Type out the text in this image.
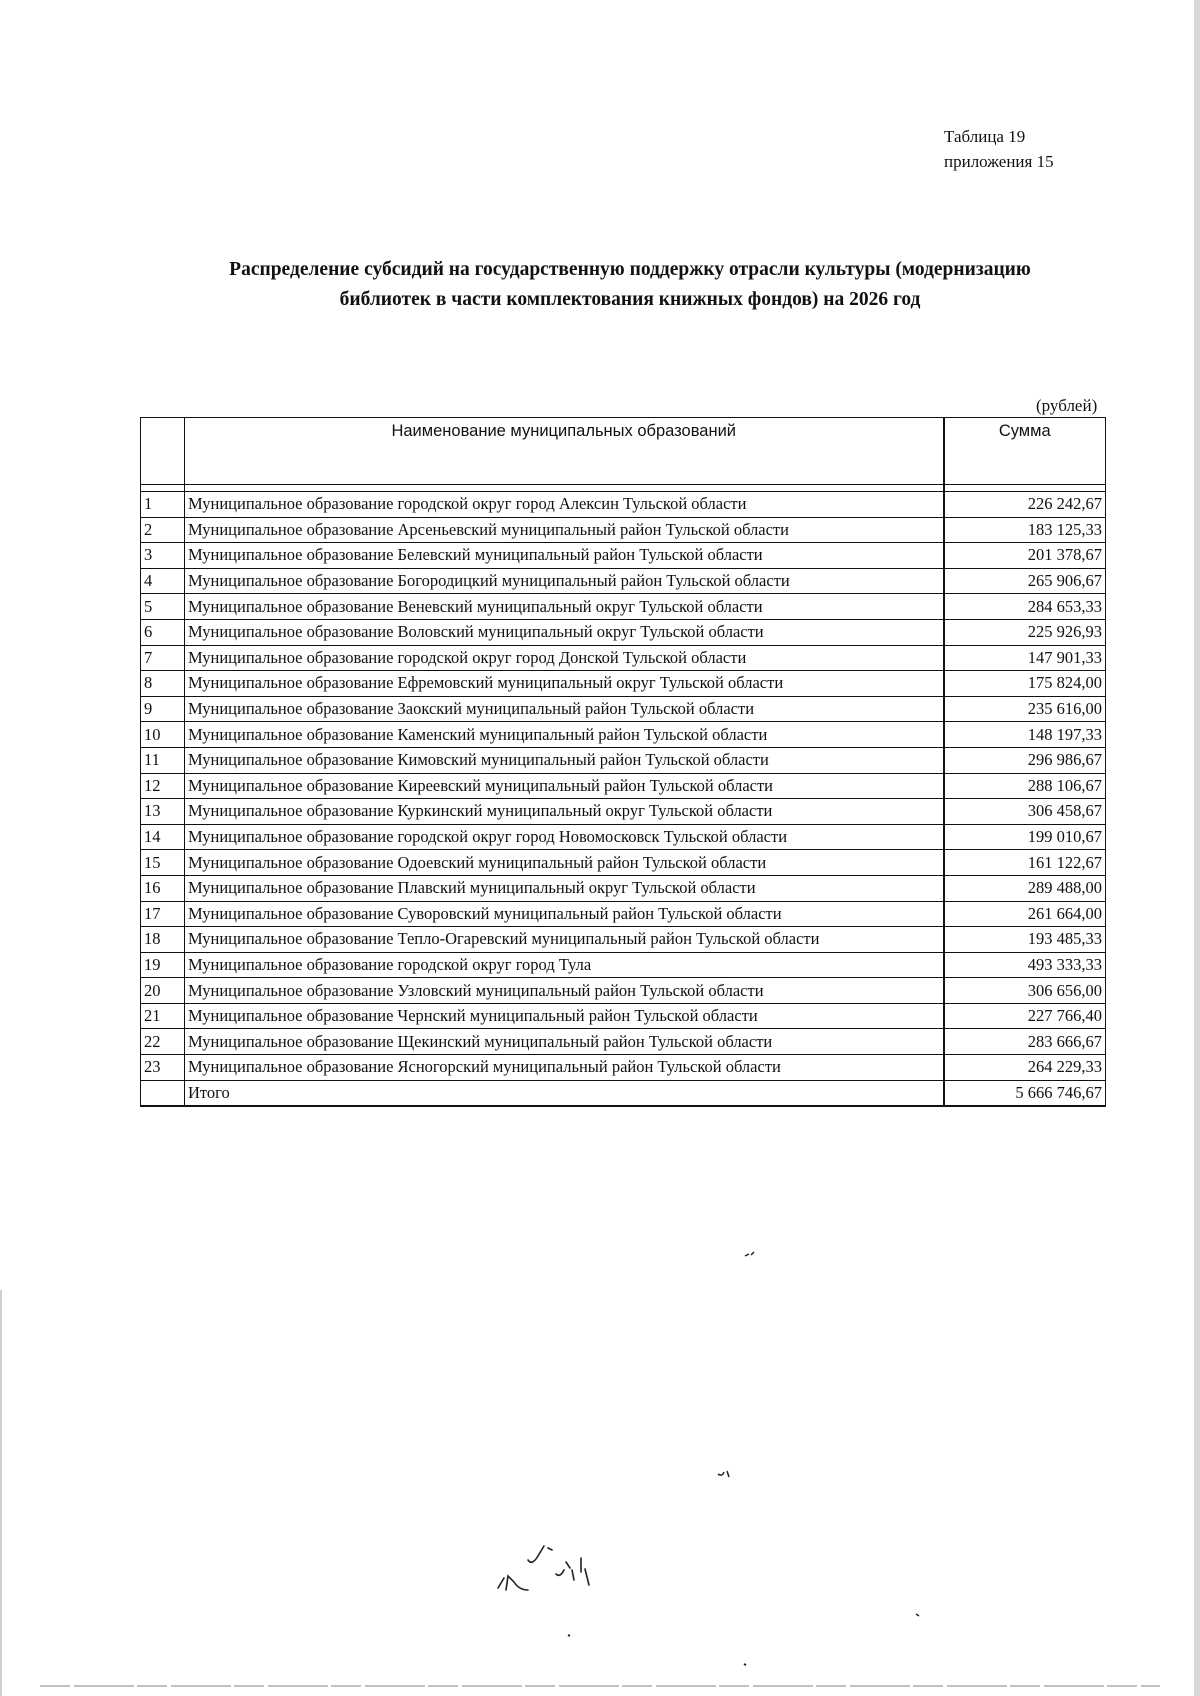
Таблица 19
приложения 15
Распределение субсидий на государственную поддержку отрасли культуры (модернизацию
библиотек в части комплектования книжных фондов) на 2026 год
(рублей)
	Наименование муниципальных образований	Сумма

1	Муниципальное образование городской округ город Алексин Тульской области	226 242,67
2	Муниципальное образование Арсеньевский муниципальный район Тульской области	183 125,33
3	Муниципальное образование Белевский муниципальный район Тульской области	201 378,67
4	Муниципальное образование Богородицкий муниципальный район Тульской области	265 906,67
5	Муниципальное образование Веневский муниципальный округ Тульской области	284 653,33
6	Муниципальное образование Воловский муниципальный округ Тульской области	225 926,93
7	Муниципальное образование городской округ город Донской Тульской области	147 901,33
8	Муниципальное образование Ефремовский муниципальный округ Тульской области	175 824,00
9	Муниципальное образование Заокский муниципальный район Тульской области	235 616,00
10	Муниципальное образование Каменский муниципальный район Тульской области	148 197,33
11	Муниципальное образование Кимовский муниципальный район Тульской области	296 986,67
12	Муниципальное образование Киреевский муниципальный район Тульской области	288 106,67
13	Муниципальное образование Куркинский муниципальный округ Тульской области	306 458,67
14	Муниципальное образование городской округ город Новомосковск Тульской области	199 010,67
15	Муниципальное образование Одоевский муниципальный район Тульской области	161 122,67
16	Муниципальное образование Плавский муниципальный округ Тульской области	289 488,00
17	Муниципальное образование Суворовский муниципальный район Тульской области	261 664,00
18	Муниципальное образование Тепло-Огаревский муниципальный район Тульской области	193 485,33
19	Муниципальное образование городской округ город Тула	493 333,33
20	Муниципальное образование Узловский муниципальный район Тульской области	306 656,00
21	Муниципальное образование Чернский муниципальный район Тульской области	227 766,40
22	Муниципальное образование Щекинский муниципальный район Тульской области	283 666,67
23	Муниципальное образование Ясногорский муниципальный район Тульской области	264 229,33
	Итого	5 666 746,67
